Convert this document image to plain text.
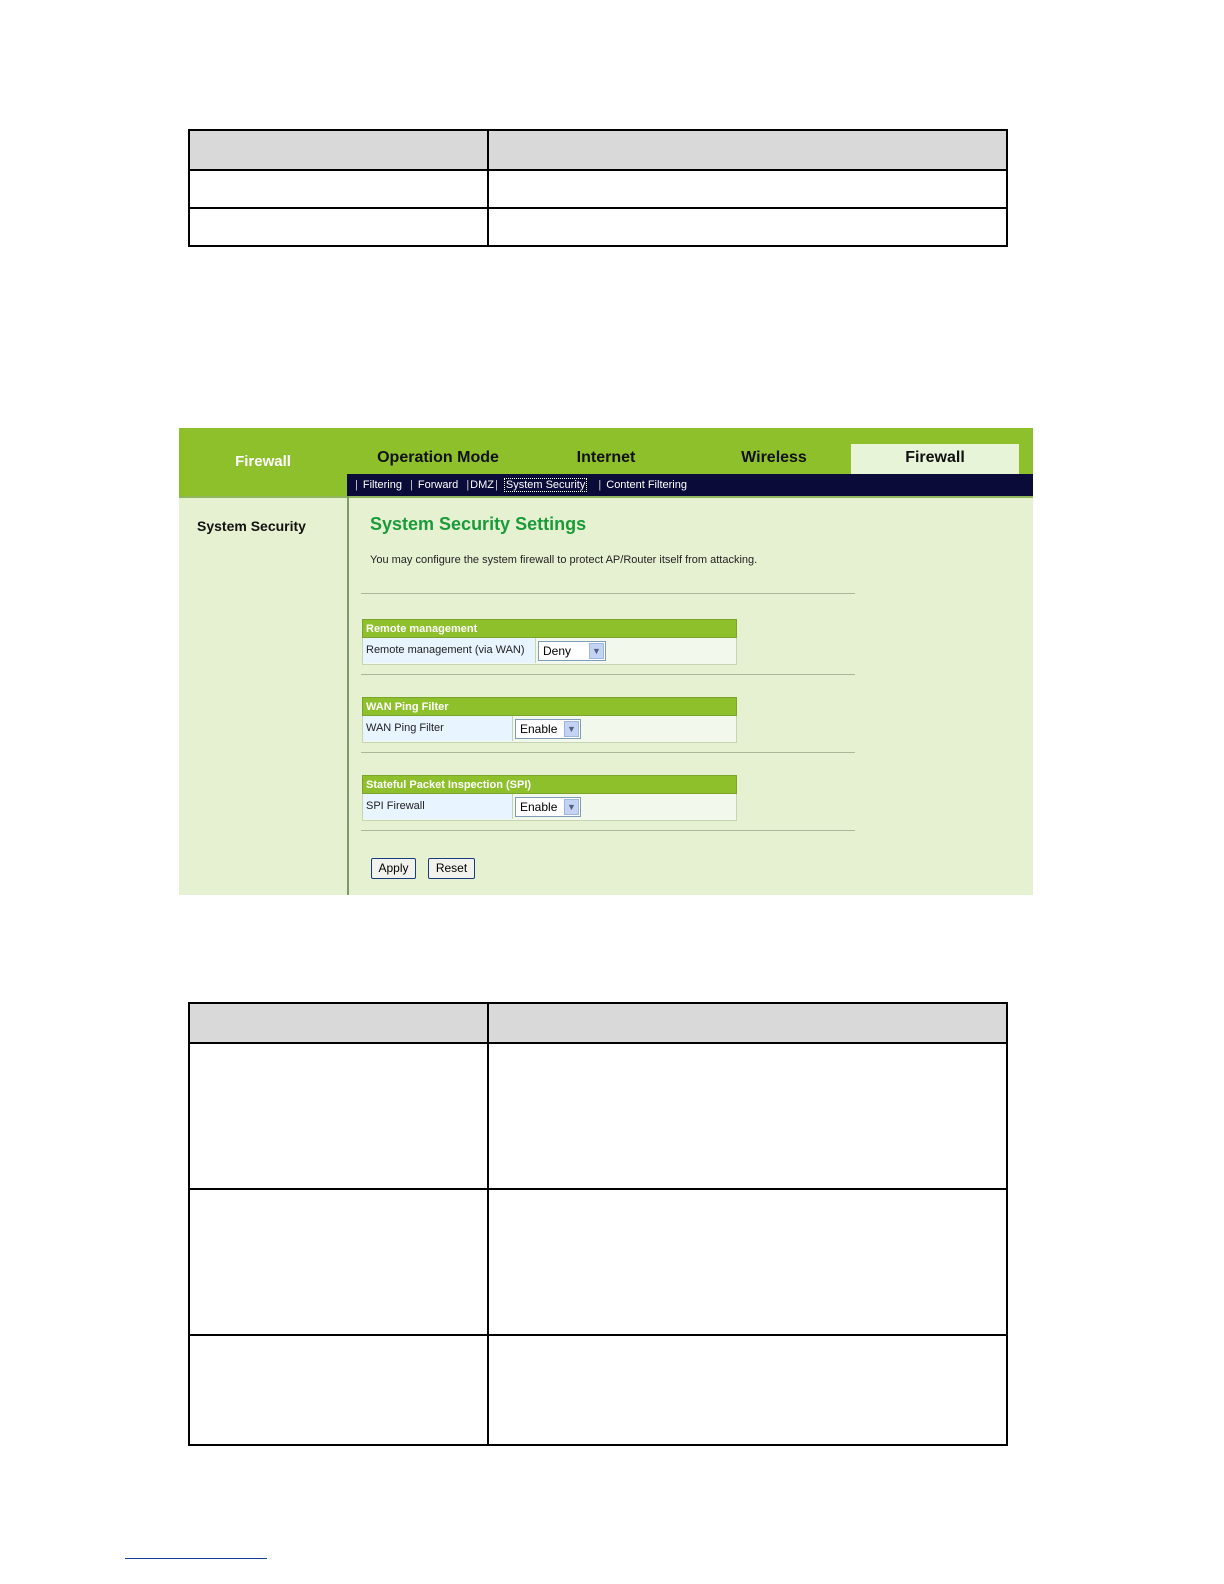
Firewall	Operation Mode	Internet	Wireless	Firewall
| Filtering | Forward |DMZ| System Security | Content Filtering
System Security	System Security Settings
You may configure the system firewall to protect AP/Router itself from attacking.
Remote management
Remote management (via WAN)	Deny	▼
WAN Ping Filter
WAN Ping Filter	Enable	▼
Stateful Packet Inspection (SPI)
SPI Firewall	Enable	▼
Apply	Reset
